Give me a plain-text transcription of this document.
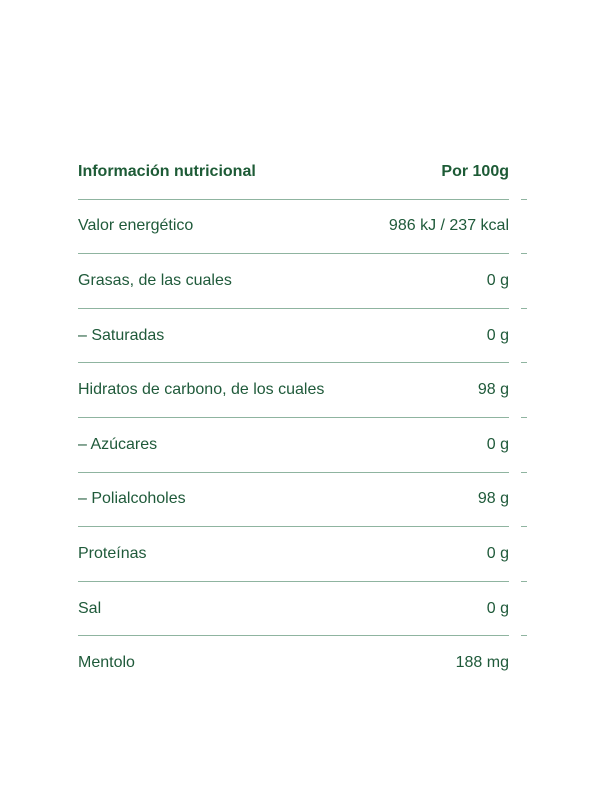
Información nutricional	Por 100g
Valor energético	986 kJ / 237 kcal
Grasas, de las cuales	0 g
– Saturadas	0 g
Hidratos de carbono, de los cuales	98 g
– Azúcares	0 g
– Polialcoholes	98 g
Proteínas	0 g
Sal	0 g
Mentolo	188 mg
